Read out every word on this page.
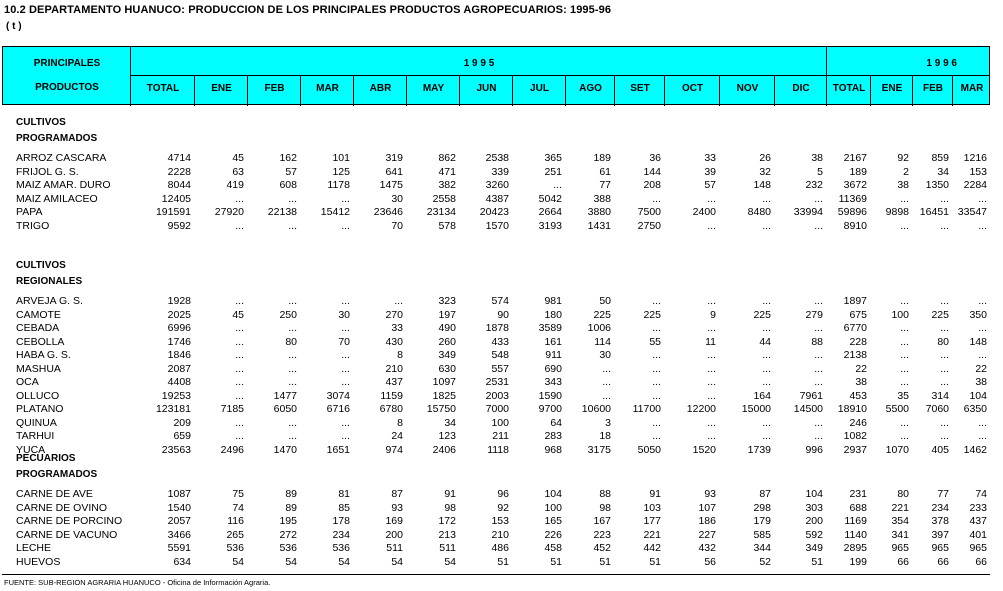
10.2 DEPARTAMENTO HUANUCO: PRODUCCION DE LOS PRINCIPALES PRODUCTOS AGROPECUARIOS: 1995-96
( t )
PRINCIPALES
PRODUCTOS
1 9 9 5	1 9 9 6
TOTAL	ENE	FEB	MAR	ABR	MAY	JUN	JUL	AGO	SET	OCT	NOV	DIC	TOTAL	ENE	FEB	MAR
CULTIVOS
PROGRAMADOS
ARROZ CASCARA	4714	45	162	101	319	862	2538	365	189	36	33	26	38	2167	92	859	1216
FRIJOL G. S.	2228	63	57	125	641	471	339	251	61	144	39	32	5	189	2	34	153
MAIZ AMAR. DURO	8044	419	608	1178	1475	382	3260	...	77	208	57	148	232	3672	38	1350	2284
MAIZ AMILACEO	12405	...	...	...	30	2558	4387	5042	388	...	...	...	...	11369	...	...	...
PAPA	191591	27920	22138	15412	23646	23134	20423	2664	3880	7500	2400	8480	33994	59896	9898	16451 33547
TRIGO	9592	...	...	...	70	578	1570	3193	1431	2750	...	...	...	8910	...	...	...
CULTIVOS
REGIONALES
ARVEJA G. S.	1928	...	...	...	...	323	574	981	50	...	...	...	...	1897	...	...	...
CAMOTE	2025	45	250	30	270	197	90	180	225	225	9	225	279	675	100	225	350
CEBADA	6996	...	...	...	33	490	1878	3589	1006	...	...	...	...	6770	...	...	...
CEBOLLA	1746	...	80	70	430	260	433	161	114	55	11	44	88	228	...	80	148
HABA G. S.	1846	...	...	...	8	349	548	911	30	...	...	...	...	2138	...	...	...
MASHUA	2087	...	...	...	210	630	557	690	...	...	...	...	...	22	...	...	22
OCA	4408	...	...	...	437	1097	2531	343	...	...	...	...	...	38	...	...	38
OLLUCO	19253	...	1477	3074	1159	1825	2003	1590	...	...	...	164	7961	453	35	314	104
PLATANO	123181	7185	6050	6716	6780	15750	7000	9700	10600	11700	12200	15000	14500	18910	5500	7060	6350
QUINUA	209	...	...	...	8	34	100	64	3	...	...	...	...	246	...	...	...
TARHUI	659	...	...	...	24	123	211	283	18	...	...	...	...	1082	...	...	...
YUCA	23563	2496	1470	1651	974	2406	1118	968	3175	5050	1520	1739	996	2937	1070	405	1462
PECUARIOS
PROGRAMADOS
CARNE DE AVE	1087	75	89	81	87	91	96	104	88	91	93	87	104	231	80	77	74
CARNE DE OVINO	1540	74	89	85	93	98	92	100	98	103	107	298	303	688	221	234	233
CARNE DE PORCINO	2057	116	195	178	169	172	153	165	167	177	186	179	200	1169	354	378	437
CARNE DE VACUNO	3466	265	272	234	200	213	210	226	223	221	227	585	592	1140	341	397	401
LECHE	5591	536	536	536	511	511	486	458	452	442	432	344	349	2895	965	965	965
HUEVOS	634	54	54	54	54	54	51	51	51	51	56	52	51	199	66	66	66
FUENTE: SUB-REGION AGRARIA HUANUCO - Oficina de Información Agraria.
